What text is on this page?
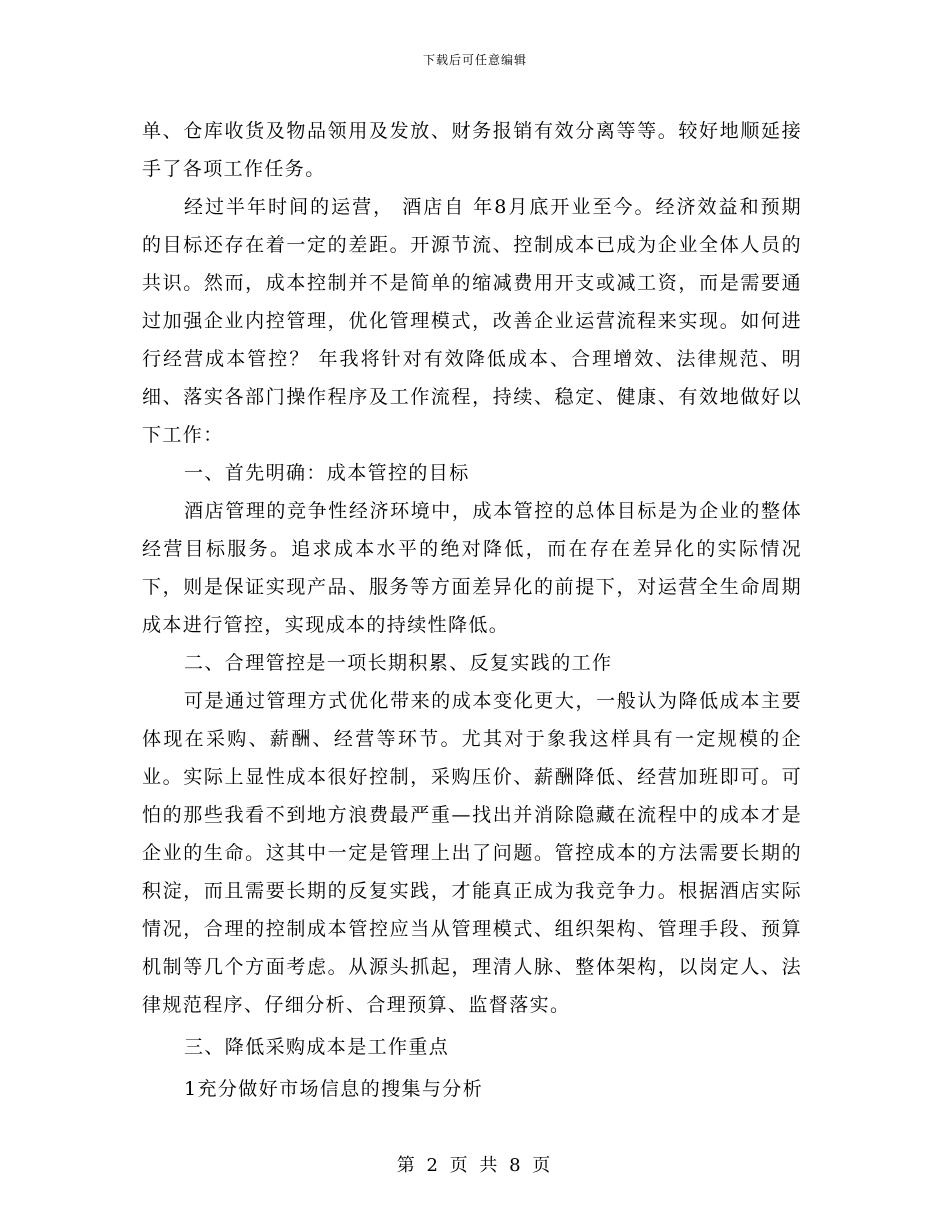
下载后可任意编辑

单、仓库收货及物品领用及发放、财务报销有效分离等等。较好地顺延接手了各项工作任务。

经过半年时间的运营， 酒店自 年8月底开业至今。经济效益和预期的目标还存在着一定的差距。开源节流、控制成本已成为企业全体人员的共识。然而，成本控制并不是简单的缩减费用开支或减工资，而是需要通过加强企业内控管理，优化管理模式，改善企业运营流程来实现。如何进行经营成本管控？ 年我将针对有效降低成本、合理增效、法律规范、明细、落实各部门操作程序及工作流程，持续、稳定、健康、有效地做好以下工作：

一、首先明确：成本管控的目标

酒店管理的竞争性经济环境中，成本管控的总体目标是为企业的整体经营目标服务。追求成本水平的绝对降低，而在存在差异化的实际情况下，则是保证实现产品、服务等方面差异化的前提下，对运营全生命周期成本进行管控，实现成本的持续性降低。

二、合理管控是一项长期积累、反复实践的工作

可是通过管理方式优化带来的成本变化更大，一般认为降低成本主要体现在采购、薪酬、经营等环节。尤其对于象我这样具有一定规模的企业。实际上显性成本很好控制，采购压价、薪酬降低、经营加班即可。可怕的那些我看不到地方浪费最严重—找出并消除隐藏在流程中的成本才是企业的生命。这其中一定是管理上出了问题。管控成本的方法需要长期的积淀，而且需要长期的反复实践，才能真正成为我竞争力。根据酒店实际情况，合理的控制成本管控应当从管理模式、组织架构、管理手段、预算机制等几个方面考虑。从源头抓起，理清人脉、整体架构，以岗定人、法律规范程序、仔细分析、合理预算、监督落实。

三、降低采购成本是工作重点

1充分做好市场信息的搜集与分析

第 2 页 共 8 页
